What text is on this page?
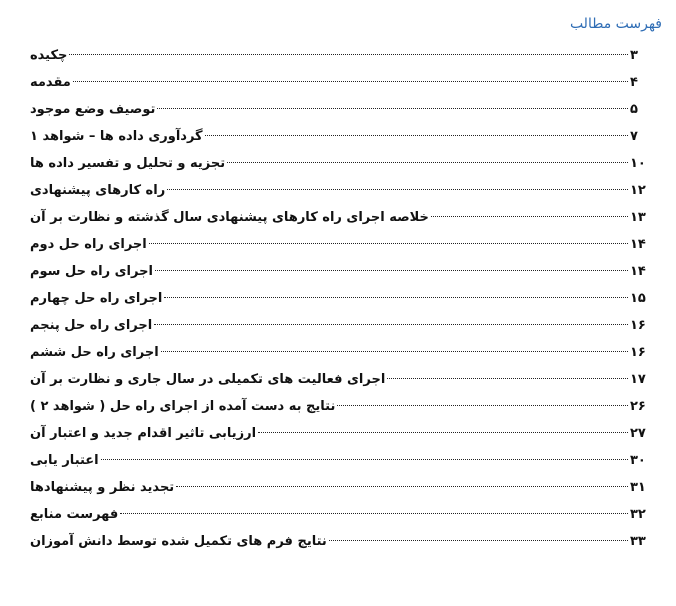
فهرست مطالب
چکیده	۳
مقدمه	۴
توصیف وضع موجود	۵
گردآوری داده ها – شواهد ۱	۷
تجزیه و تحلیل و تفسیر داده ها	۱۰
راه کارهای پیشنهادی	۱۲
خلاصه اجرای راه کارهای پیشنهادی سال گذشته و نظارت بر آن	۱۳
اجرای راه حل دوم	۱۴
اجرای راه حل سوم	۱۴
اجرای راه حل چهارم	۱۵
اجرای راه حل پنجم	۱۶
اجرای راه حل ششم	۱۶
اجرای فعالیت های تکمیلی در سال جاری و نظارت بر آن	۱۷
نتایج به دست آمده از اجرای راه حل ( شواهد ۲ )	۲۶
ارزیابی تاثیر اقدام جدید و اعتبار آن	۲۷
اعتبار یابی	۳۰
تجدید نظر و پیشنهادها	۳۱
فهرست منابع	۳۲
نتایج فرم های تکمیل شده توسط دانش آموزان	۳۳
